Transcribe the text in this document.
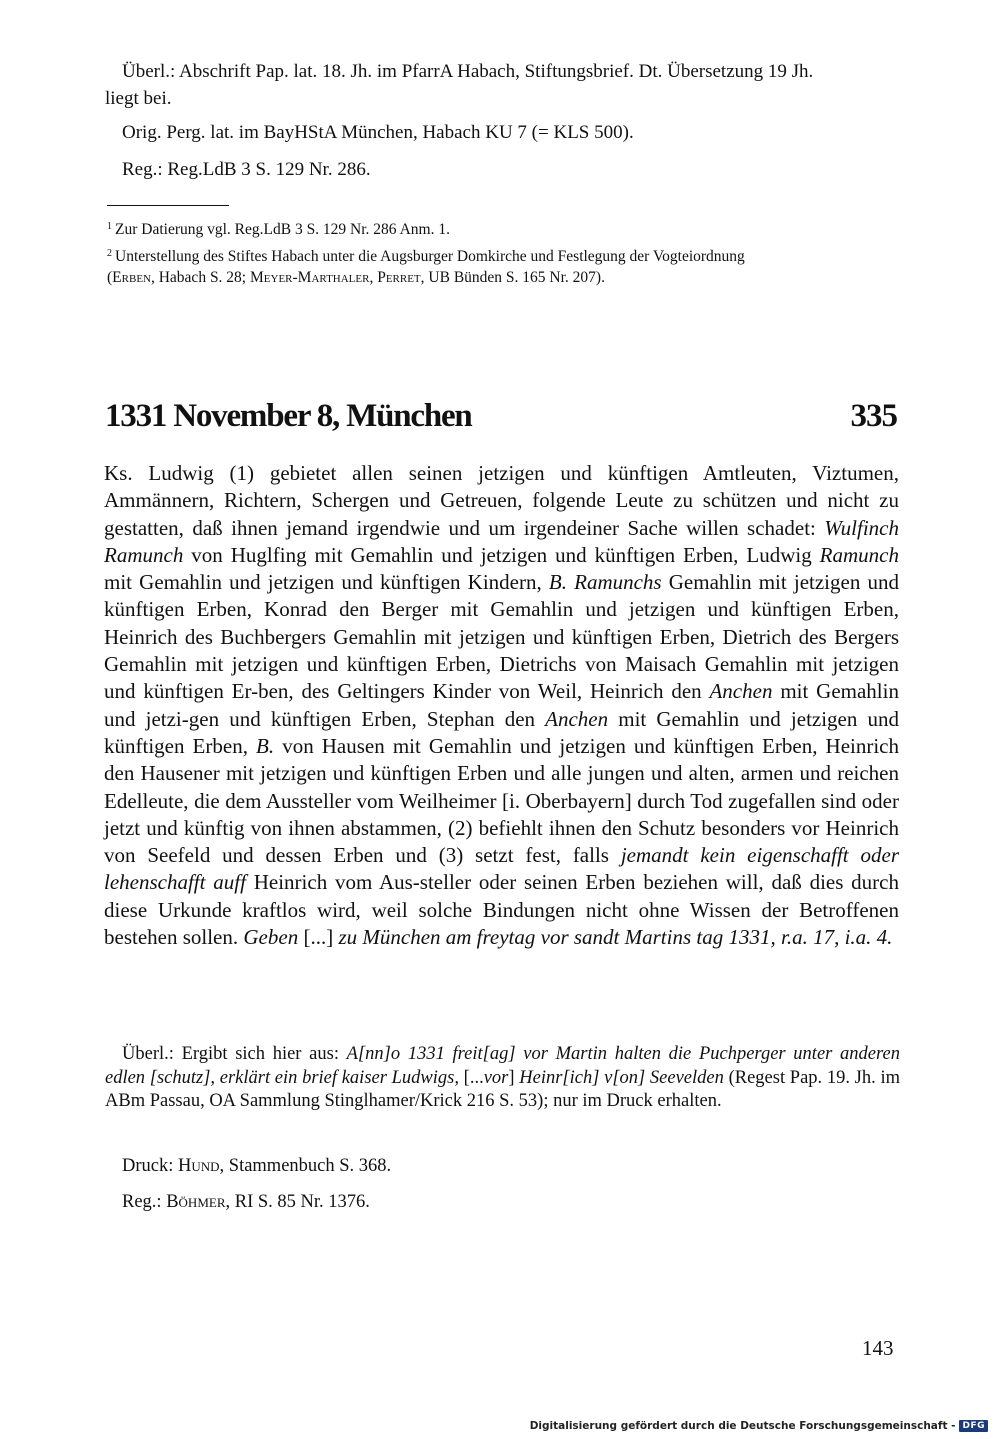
Überl.: Abschrift Pap. lat. 18. Jh. im PfarrA Habach, Stiftungsbrief. Dt. Übersetzung 19 Jh.
liegt bei.
Orig. Perg. lat. im BayHStA München, Habach KU 7 (= KLS 500).
Reg.: Reg.LdB 3 S. 129 Nr. 286.
$^1$ Zur Datierung vgl. Reg.LdB 3 S. 129 Nr. 286 Anm. 1.
$^2$ Unterstellung des Stiftes Habach unter die Augsburger Domkirche und Festlegung der Vogteiordnung
(Erben, Habach S. 28; Meyer-Marthaler, Perret, UB Bünden S. 165 Nr. 207).
1331 November 8, München	335
Ks. Ludwig (1) gebietet allen seinen jetzigen und künftigen Amtleuten, Viztumen, Ammännern, Richtern, Schergen und Getreuen, folgende Leute zu schützen und nicht zu gestatten, daß ihnen jemand irgendwie und um irgendeiner Sache willen schadet: Wulfinch Ramunch von Huglfing mit Gemahlin und jetzigen und künftigen Erben, Ludwig Ramunch mit Gemahlin und jetzigen und künftigen Kindern, B. Ramunchs Gemahlin mit jetzigen und künftigen Erben, Konrad den Berger mit Gemahlin und jetzigen und künftigen Erben, Heinrich des Buchbergers Gemahlin mit jetzigen und künftigen Erben, Dietrich des Bergers Gemahlin mit jetzigen und künftigen Erben, Dietrichs von Maisach Gemahlin mit jetzigen und künftigen Er-ben, des Geltingers Kinder von Weil, Heinrich den Anchen mit Gemahlin und jetzi-gen und künftigen Erben, Stephan den Anchen mit Gemahlin und jetzigen und künftigen Erben, B. von Hausen mit Gemahlin und jetzigen und künftigen Erben, Heinrich den Hausener mit jetzigen und künftigen Erben und alle jungen und alten, armen und reichen Edelleute, die dem Aussteller vom Weilheimer [i. Oberbayern] durch Tod zugefallen sind oder jetzt und künftig von ihnen abstammen, (2) befiehlt ihnen den Schutz besonders vor Heinrich von Seefeld und dessen Erben und (3) setzt fest, falls jemandt kein eigenschafft oder lehenschafft auff Heinrich vom Aus-steller oder seinen Erben beziehen will, daß dies durch diese Urkunde kraftlos wird, weil solche Bindungen nicht ohne Wissen der Betroffenen bestehen sollen. Geben [...] zu München am freytag vor sandt Martins tag 1331, r.a. 17, i.a. 4.
Überl.: Ergibt sich hier aus: A[nn]o 1331 freit[ag] vor Martin halten die Puchperger unter anderen edlen [schutz], erklärt ein brief kaiser Ludwigs, [...vor] Heinr[ich] v[on] Seevelden (Regest Pap. 19. Jh. im ABm Passau, OA Sammlung Stinglhamer/Krick 216 S. 53); nur im Druck erhalten.
Druck: Hund, Stammenbuch S. 368.
Reg.: Böhmer, RI S. 85 Nr. 1376.
143
Digitalisierung gefördert durch die Deutsche Forschungsgemeinschaft - DFG
